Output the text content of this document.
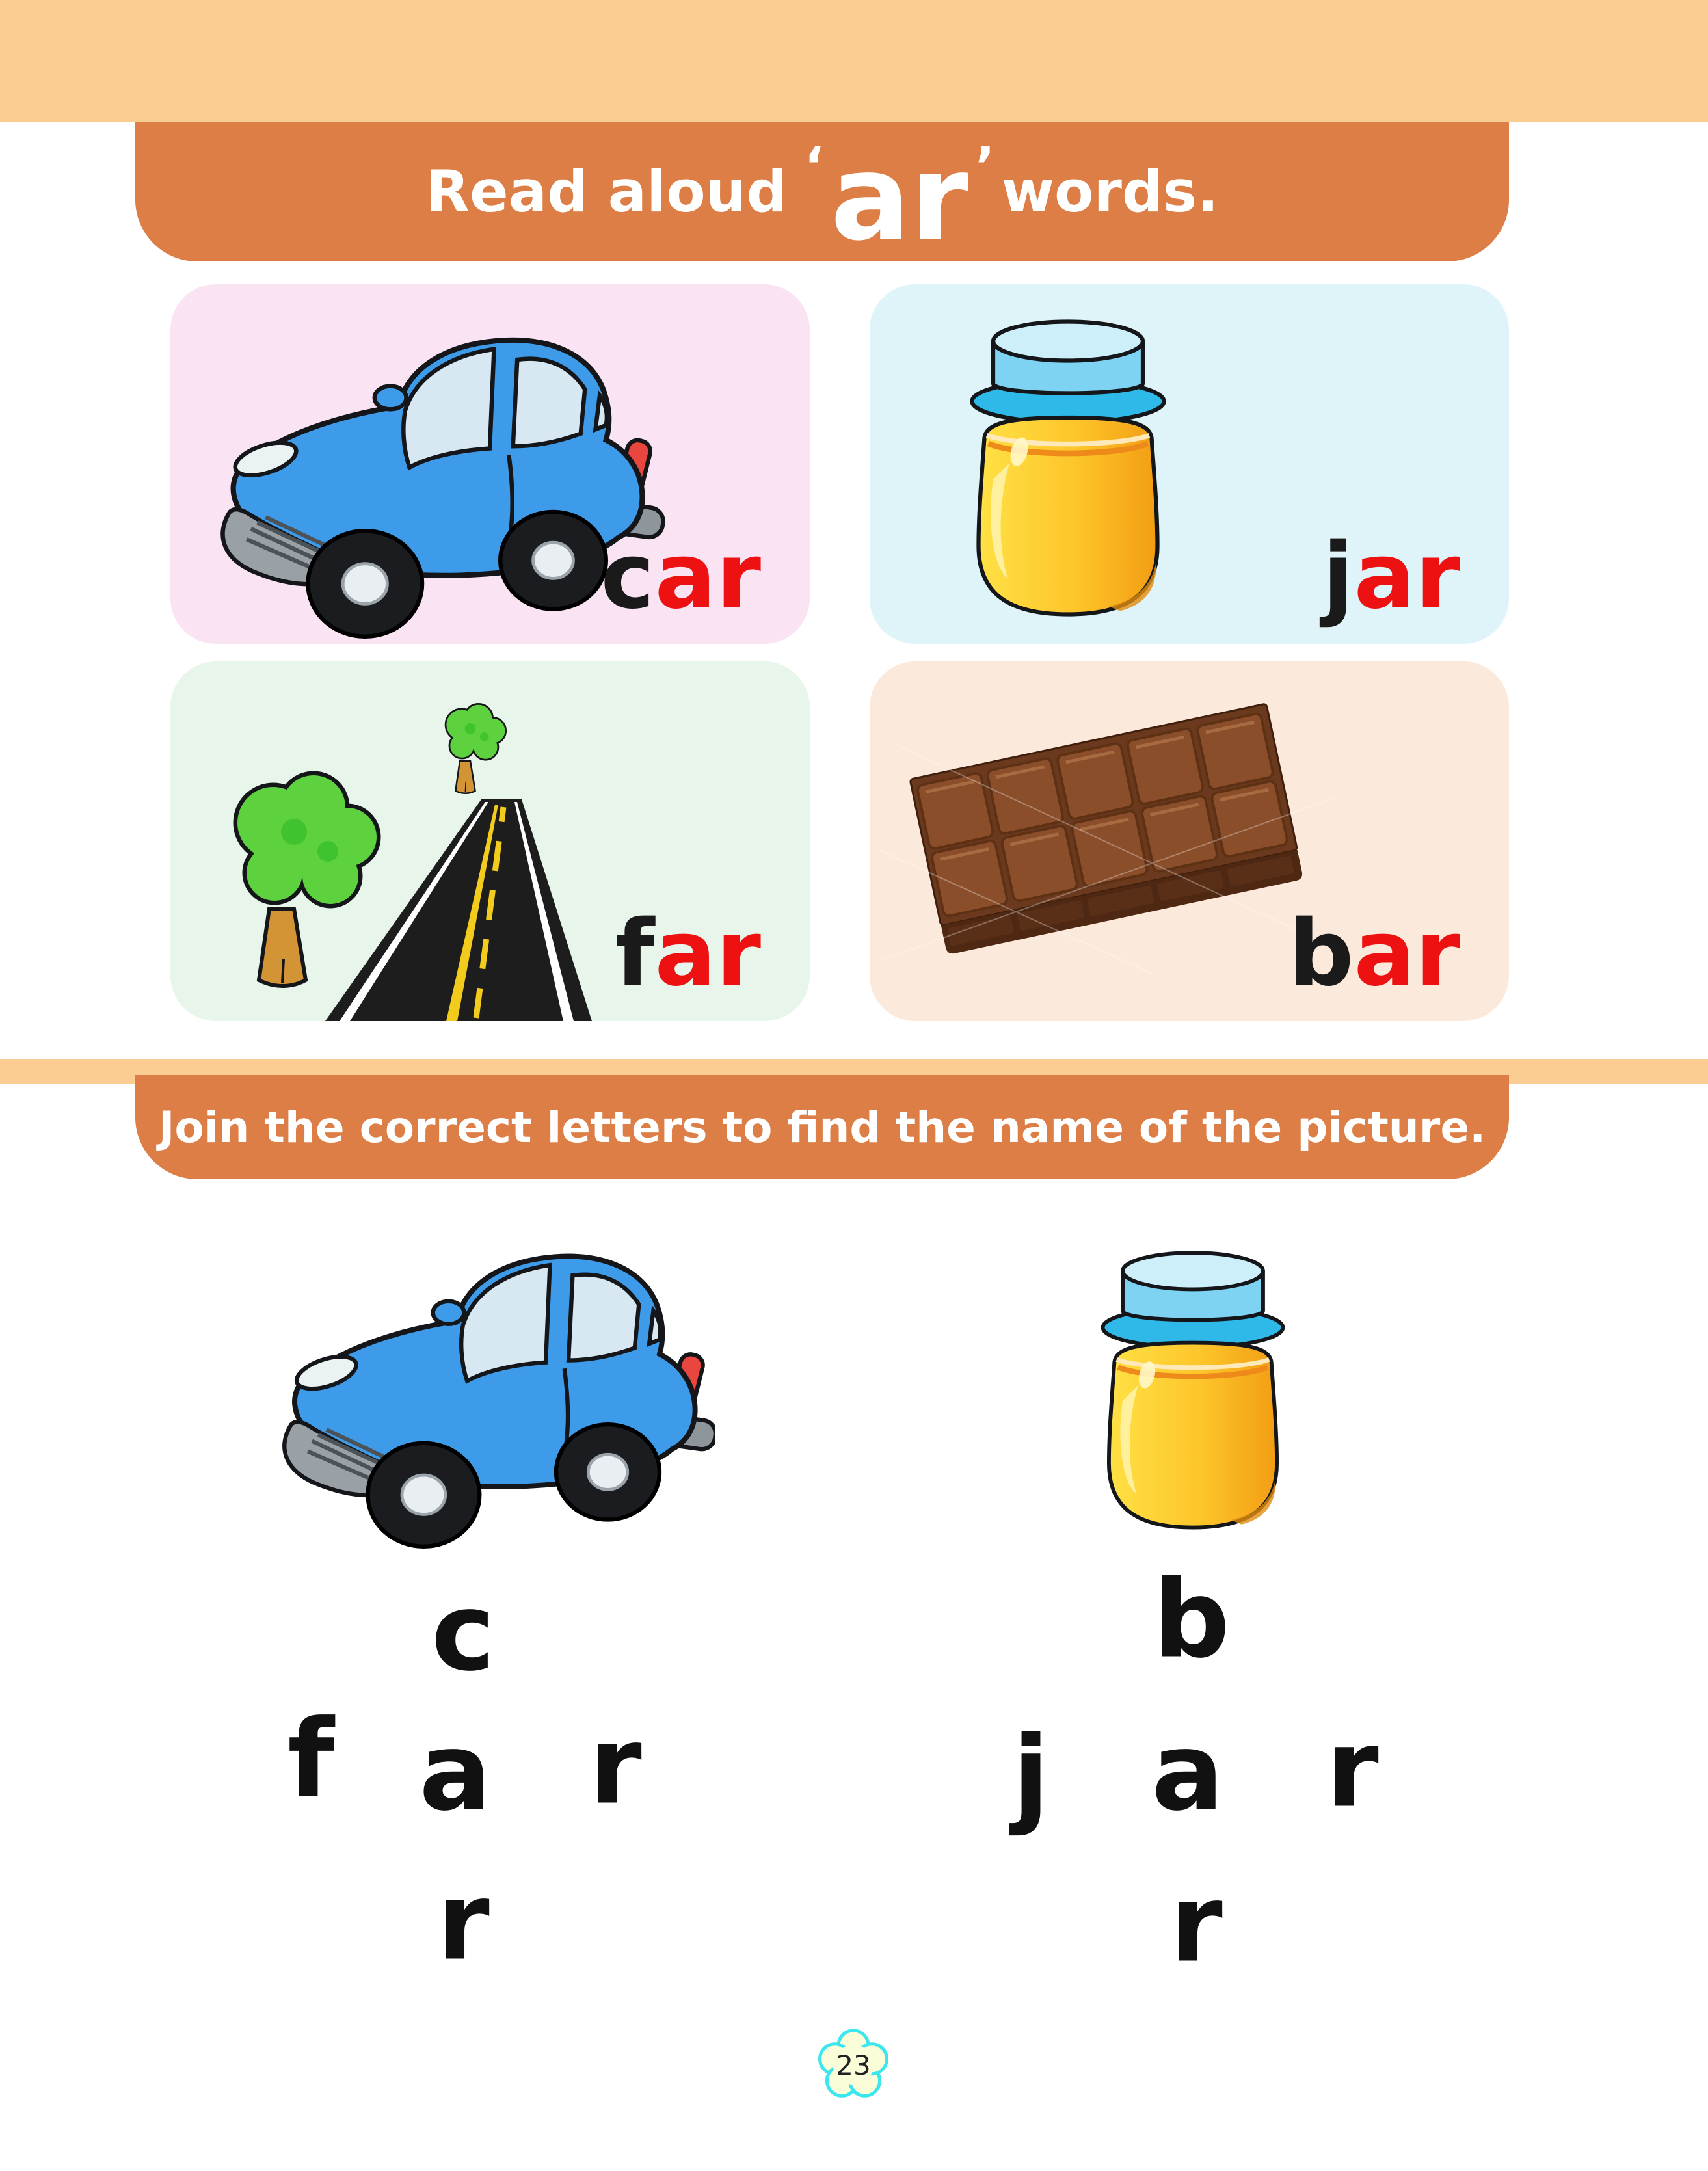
Read aloud ‘ ar ’ words.
car	jar
far	bar
Join the correct letters to find the name of the picture.
c
f a r
r
b
j a r
r
23
